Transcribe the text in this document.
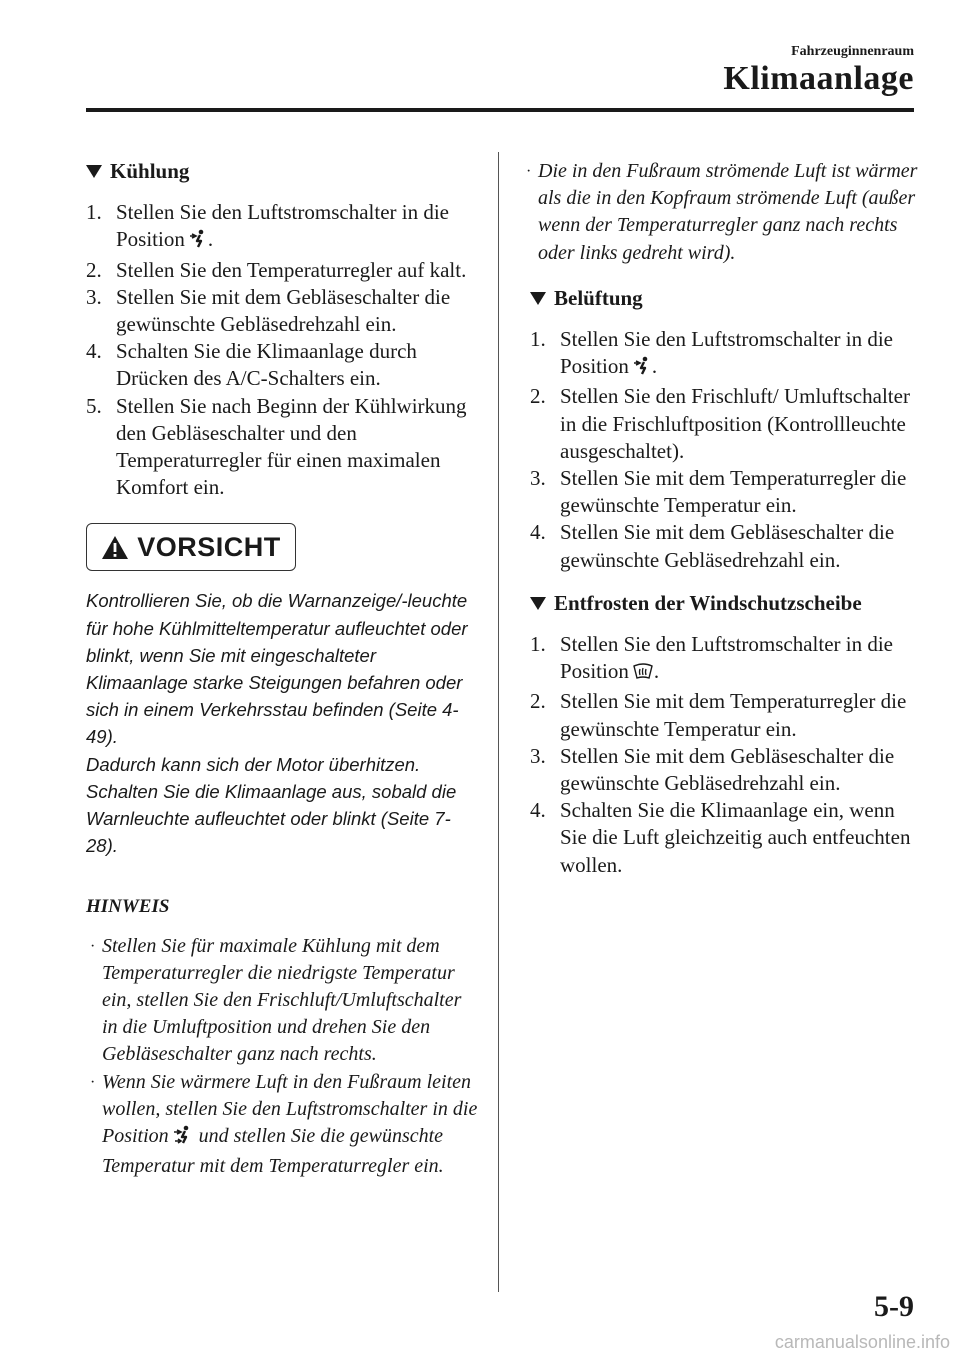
Fahrzeuginnenraum
Klimaanlage
Kühlung
1. Stellen Sie den Luftstromschalter in die Position .
2. Stellen Sie den Temperaturregler auf kalt.
3. Stellen Sie mit dem Gebläseschalter die gewünschte Gebläsedrehzahl ein.
4. Schalten Sie die Klimaanlage durch Drücken des A/C-Schalters ein.
5. Stellen Sie nach Beginn der Kühlwirkung den Gebläseschalter und den Temperaturregler für einen maximalen Komfort ein.
VORSICHT

Kontrollieren Sie, ob die Warnanzeige/-leuchte für hohe Kühlmitteltemperatur aufleuchtet oder blinkt, wenn Sie mit eingeschalteter Klimaanlage starke Steigungen befahren oder sich in einem Verkehrsstau befinden (Seite 4-49).

Dadurch kann sich der Motor überhitzen. Schalten Sie die Klimaanlage aus, sobald die Warnleuchte aufleuchtet oder blinkt (Seite 7-28).

HINWEIS
· Stellen Sie für maximale Kühlung mit dem Temperaturregler die niedrigste Temperatur ein, stellen Sie den Frischluft/Umluftschalter in die Umluftposition und drehen Sie den Gebläseschalter ganz nach rechts.
· Wenn Sie wärmere Luft in den Fußraum leiten wollen, stellen Sie den Luftstromschalter in die Position und stellen Sie die gewünschte Temperatur mit dem Temperaturregler ein.
· Die in den Fußraum strömende Luft ist wärmer als die in den Kopfraum strömende Luft (außer wenn der Temperaturregler ganz nach rechts oder links gedreht wird).
Belüftung
1. Stellen Sie den Luftstromschalter in die Position .
2. Stellen Sie den Frischluft/ Umluftschalter in die Frischluftposition (Kontrollleuchte ausgeschaltet).
3. Stellen Sie mit dem Temperaturregler die gewünschte Temperatur ein.
4. Stellen Sie mit dem Gebläseschalter die gewünschte Gebläsedrehzahl ein.
Entfrosten der Windschutzscheibe
1. Stellen Sie den Luftstromschalter in die Position .
2. Stellen Sie mit dem Temperaturregler die gewünschte Temperatur ein.
3. Stellen Sie mit dem Gebläseschalter die gewünschte Gebläsedrehzahl ein.
4. Schalten Sie die Klimaanlage ein, wenn Sie die Luft gleichzeitig auch entfeuchten wollen.
5-9
carmanualsonline.info
